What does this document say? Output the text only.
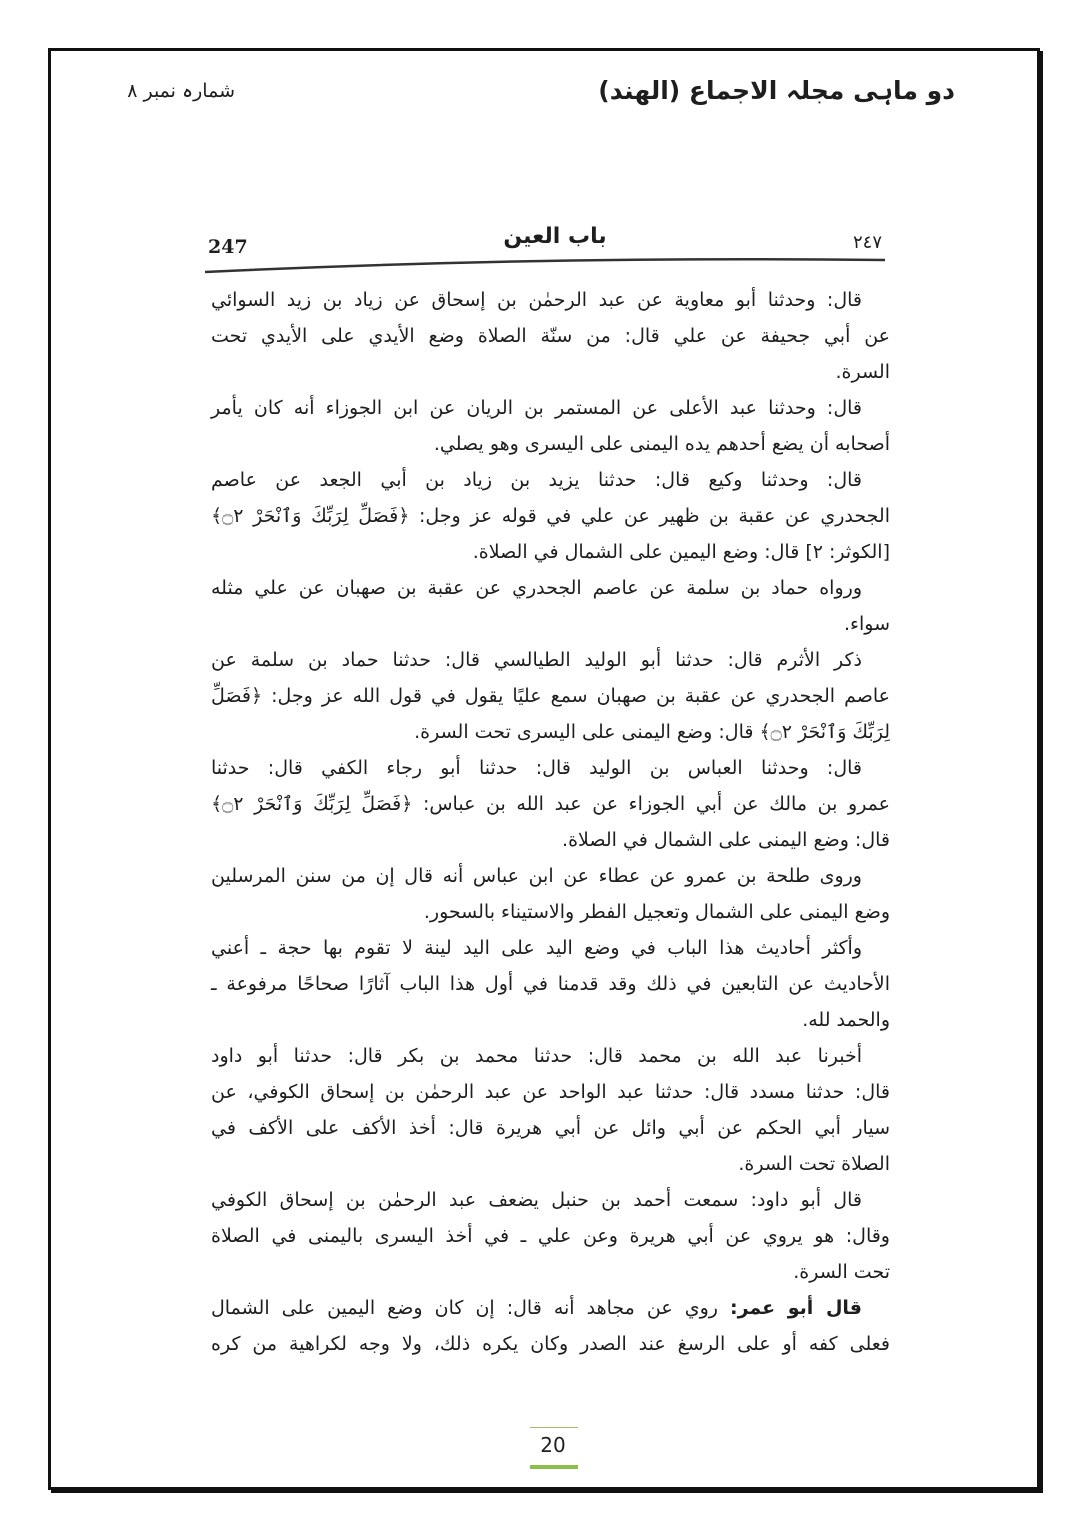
دو ماہی مجلہ الاجماع (الهند)
شمارہ نمبر ۸
باب العين
247	٢٤٧
قال: وحدثنا أبو معاوية عن عبد الرحمٰن بن إسحاق عن زياد بن زيد السوائي
عن أبي جحيفة عن علي قال: من سنّة الصلاة وضع الأيدي على الأيدي تحت
السرة.
قال: وحدثنا عبد الأعلى عن المستمر بن الريان عن ابن الجوزاء أنه كان يأمر
أصحابه أن يضع أحدهم يده اليمنى على اليسرى وهو يصلي.
قال: وحدثنا وكيع قال: حدثنا يزيد بن زياد بن أبي الجعد عن عاصم
الجحدري عن عقبة بن ظهير عن علي في قوله عز وجل: ﴿فَصَلِّ لِرَبِّكَ وَٱنْحَرْ ۝٢﴾
[الكوثر: ٢] قال: وضع اليمين على الشمال في الصلاة.
ورواه حماد بن سلمة عن عاصم الجحدري عن عقبة بن صهبان عن علي مثله
سواء.
ذكر الأثرم قال: حدثنا أبو الوليد الطيالسي قال: حدثنا حماد بن سلمة عن
عاصم الجحدري عن عقبة بن صهبان سمع عليًا يقول في قول الله عز وجل: ﴿فَصَلِّ
لِرَبِّكَ وَٱنْحَرْ ۝٢﴾ قال: وضع اليمنى على اليسرى تحت السرة.
قال: وحدثنا العباس بن الوليد قال: حدثنا أبو رجاء الكفي قال: حدثنا
عمرو بن مالك عن أبي الجوزاء عن عبد الله بن عباس: ﴿فَصَلِّ لِرَبِّكَ وَٱنْحَرْ ۝٢﴾
قال: وضع اليمنى على الشمال في الصلاة.
وروى طلحة بن عمرو عن عطاء عن ابن عباس أنه قال إن من سنن المرسلين
وضع اليمنى على الشمال وتعجيل الفطر والاستيناء بالسحور.
وأكثر أحاديث هذا الباب في وضع اليد على اليد لينة لا تقوم بها حجة ـ أعني
الأحاديث عن التابعين في ذلك وقد قدمنا في أول هذا الباب آثارًا صحاحًا مرفوعة ـ
والحمد لله.
أخبرنا عبد الله بن محمد قال: حدثنا محمد بن بكر قال: حدثنا أبو داود
قال: حدثنا مسدد قال: حدثنا عبد الواحد عن عبد الرحمٰن بن إسحاق الكوفي، عن
سيار أبي الحكم عن أبي وائل عن أبي هريرة قال: أخذ الأكف على الأكف في
الصلاة تحت السرة.
قال أبو داود: سمعت أحمد بن حنبل يضعف عبد الرحمٰن بن إسحاق الكوفي
وقال: هو يروي عن أبي هريرة وعن علي ـ في أخذ اليسرى باليمنى في الصلاة
تحت السرة.
قال أبو عمر: روي عن مجاهد أنه قال: إن كان وضع اليمين على الشمال
فعلى كفه أو على الرسغ عند الصدر وكان يكره ذلك، ولا وجه لكراهية من كره
20
